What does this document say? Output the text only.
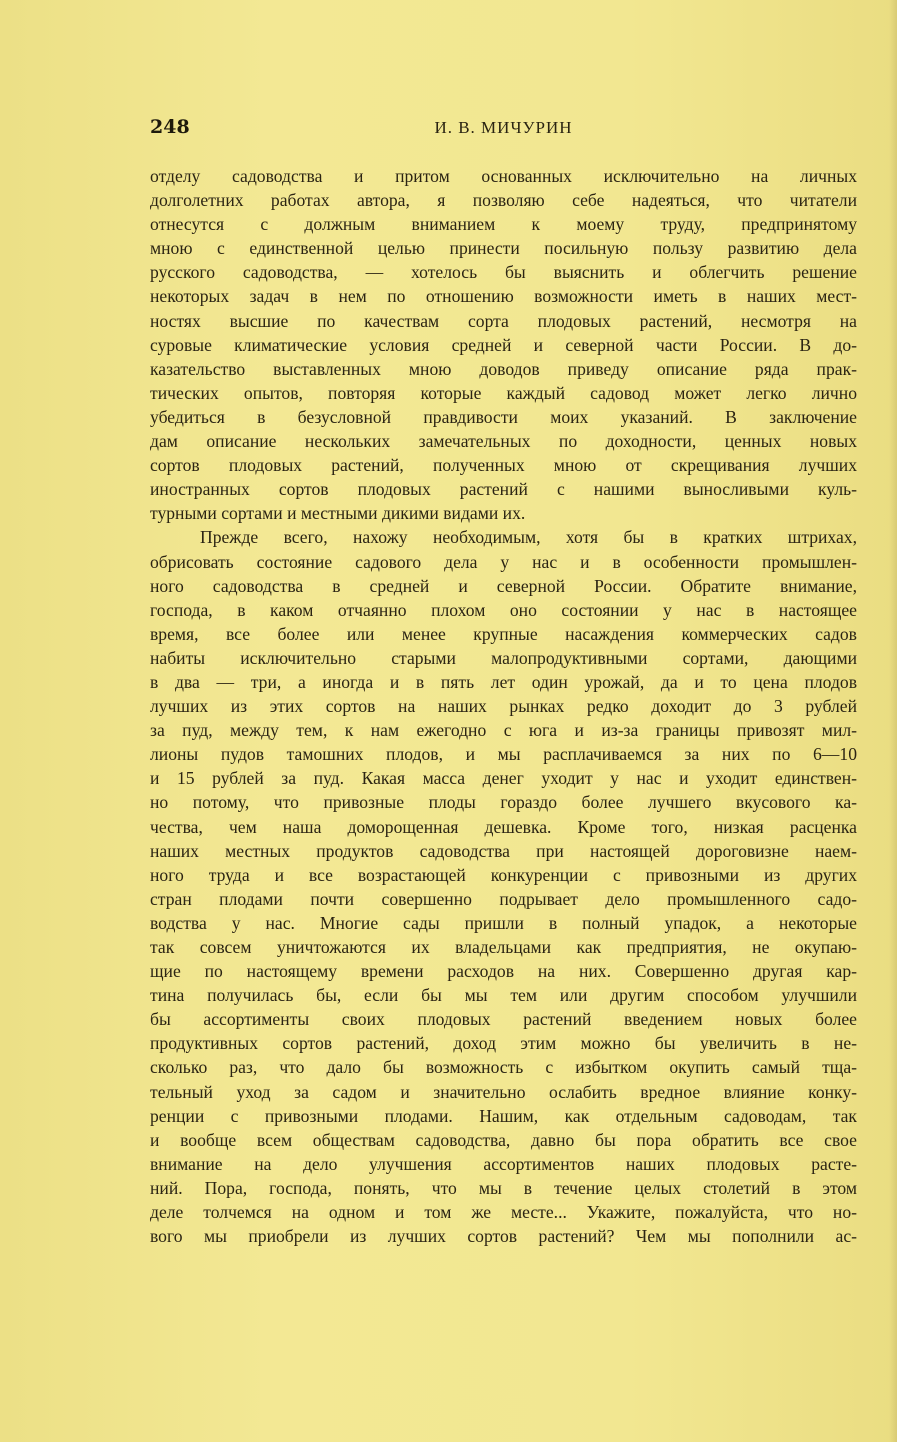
248	И. В. МИЧУРИН
отделу садоводства и притом основанных исключительно на личных
долголетних работах автора, я позволяю себе надеяться, что читатели
отнесутся с должным вниманием к моему труду, предпринятому
мною с единственной целью принести посильную пользу развитию дела
русского садоводства, — хотелось бы выяснить и облегчить решение
некоторых задач в нем по отношению возможности иметь в наших мест-
ностях высшие по качествам сорта плодовых растений, несмотря на
суровые климатические условия средней и северной части России. В до-
казательство выставленных мною доводов приведу описание ряда прак-
тических опытов, повторяя которые каждый садовод может легко лично
убедиться в безусловной правдивости моих указаний. В заключение
дам описание нескольких замечательных по доходности, ценных новых
сортов плодовых растений, полученных мною от скрещивания лучших
иностранных сортов плодовых растений с нашими выносливыми куль-
турными сортами и местными дикими видами их.
Прежде всего, нахожу необходимым, хотя бы в кратких штрихах,
обрисовать состояние садового дела у нас и в особенности промышлен-
ного садоводства в средней и северной России. Обратите внимание,
господа, в каком отчаянно плохом оно состоянии у нас в настоящее
время, все более или менее крупные насаждения коммерческих садов
набиты исключительно старыми малопродуктивными сортами, дающими
в два — три, а иногда и в пять лет один урожай, да и то цена плодов
лучших из этих сортов на наших рынках редко доходит до 3 рублей
за пуд, между тем, к нам ежегодно с юга и из-за границы привозят мил-
лионы пудов тамошних плодов, и мы расплачиваемся за них по 6—10
и 15 рублей за пуд. Какая масса денег уходит у нас и уходит единствен-
но потому, что привозные плоды гораздо более лучшего вкусового ка-
чества, чем наша доморощенная дешевка. Кроме того, низкая расценка
наших местных продуктов садоводства при настоящей дороговизне наем-
ного труда и все возрастающей конкуренции с привозными из других
стран плодами почти совершенно подрывает дело промышленного садо-
водства у нас. Многие сады пришли в полный упадок, а некоторые
так совсем уничтожаются их владельцами как предприятия, не окупаю-
щие по настоящему времени расходов на них. Совершенно другая кар-
тина получилась бы, если бы мы тем или другим способом улучшили
бы ассортименты своих плодовых растений введением новых более
продуктивных сортов растений, доход этим можно бы увеличить в не-
сколько раз, что дало бы возможность с избытком окупить самый тща-
тельный уход за садом и значительно ослабить вредное влияние конку-
ренции с привозными плодами. Нашим, как отдельным садоводам, так
и вообще всем обществам садоводства, давно бы пора обратить все свое
внимание на дело улучшения ассортиментов наших плодовых расте-
ний. Пора, господа, понять, что мы в течение целых столетий в этом
деле толчемся на одном и том же месте... Укажите, пожалуйста, что но-
вого мы приобрели из лучших сортов растений? Чем мы пополнили ас-
